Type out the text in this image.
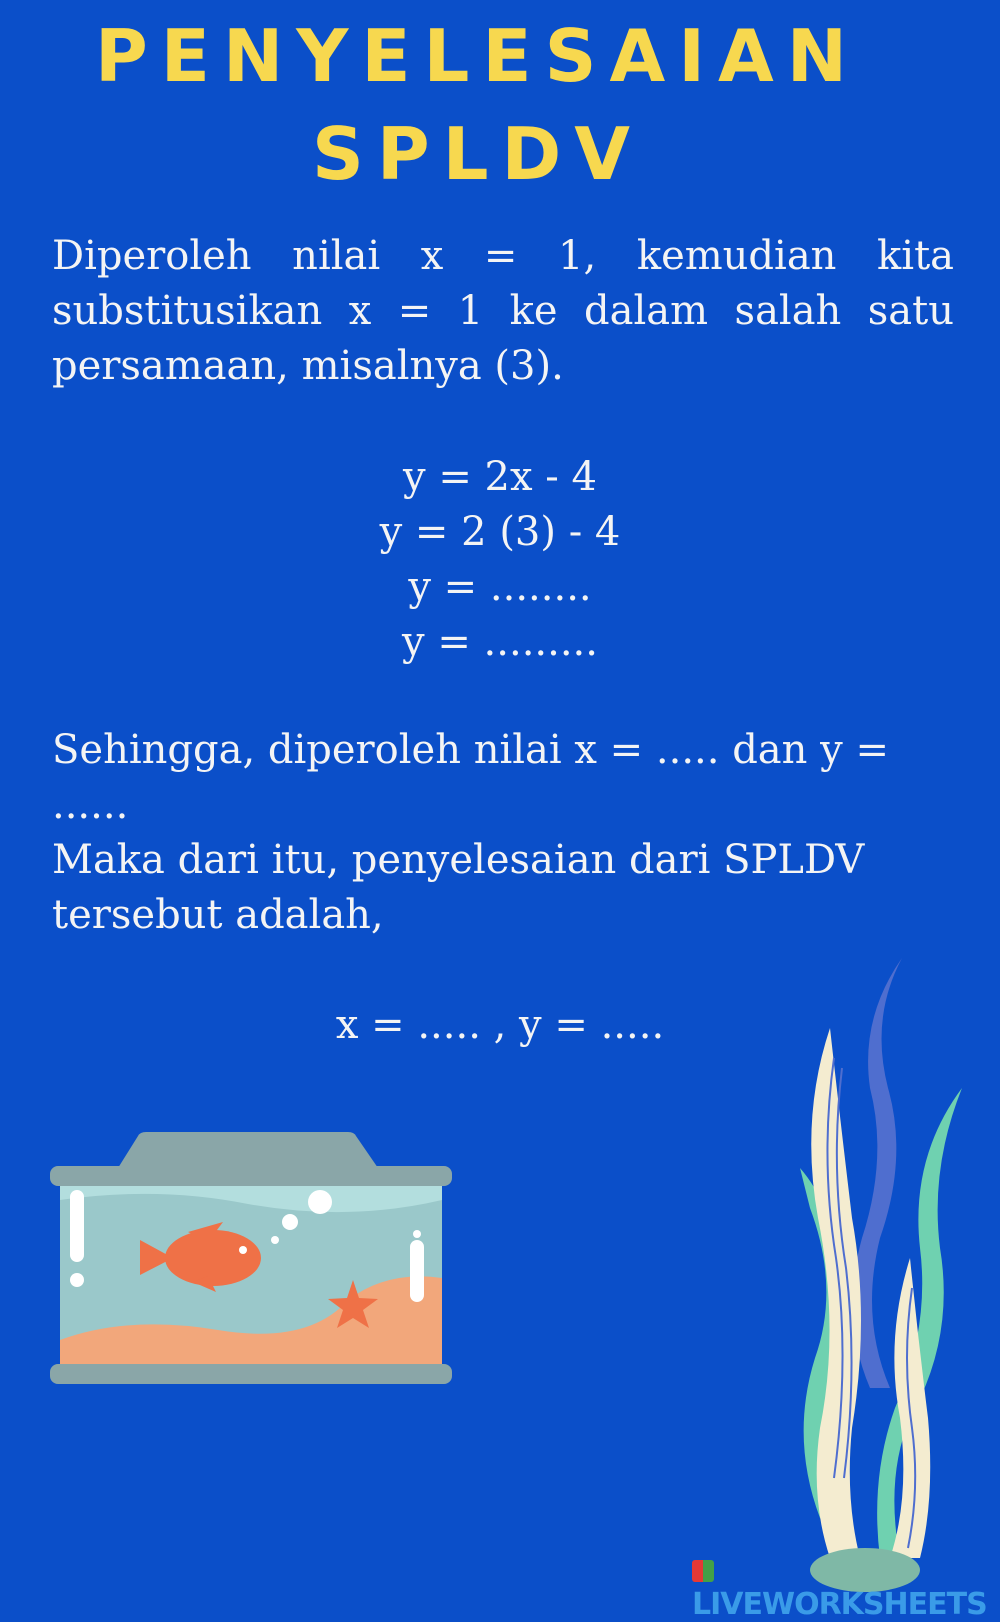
PENYELESAIAN
SPLDV

Diperoleh nilai x = 1, kemudian kita substitusikan x = 1 ke dalam salah satu persamaan, misalnya (3).

y = 2x - 4
y = 2 (3) - 4
y = ........
y = .........

Sehingga, diperoleh nilai x = ..... dan y = ......

Maka dari itu, penyelesaian dari SPLDV tersebut adalah,

x = ..... , y = .....
LIVEWORKSHEETS
